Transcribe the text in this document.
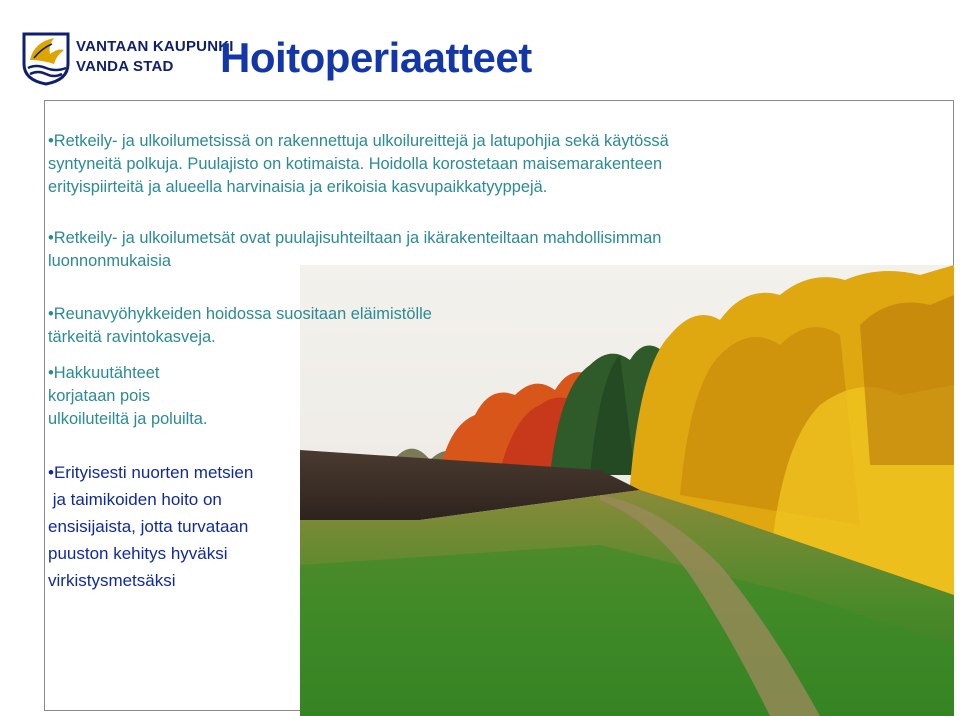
VANTAAN KAUPUNKI
VANDA STAD	Hoitoperiaatteet
•Retkeily- ja ulkoilumetsissä on rakennettuja ulkoilureittejä ja latupohjia sekä käytössä
syntyneitä polkuja. Puulajisto on kotimaista. Hoidolla korostetaan maisemarakenteen
erityispiirteitä ja alueella harvinaisia ja erikoisia kasvupaikkatyyppejä.
•Retkeily- ja ulkoilumetsät ovat puulajisuhteiltaan ja ikärakenteiltaan mahdollisimman
luonnonmukaisia
•Reunavyöhykkeiden hoidossa suositaan eläimistölle
tärkeitä ravintokasveja.
•Hakkuutähteet
korjataan pois
ulkoiluteiltä ja poluilta.
•Erityisesti nuorten metsien
ja taimikoiden hoito on
ensisijaista, jotta turvataan
puuston kehitys hyväksi
virkistysmetsäksi
